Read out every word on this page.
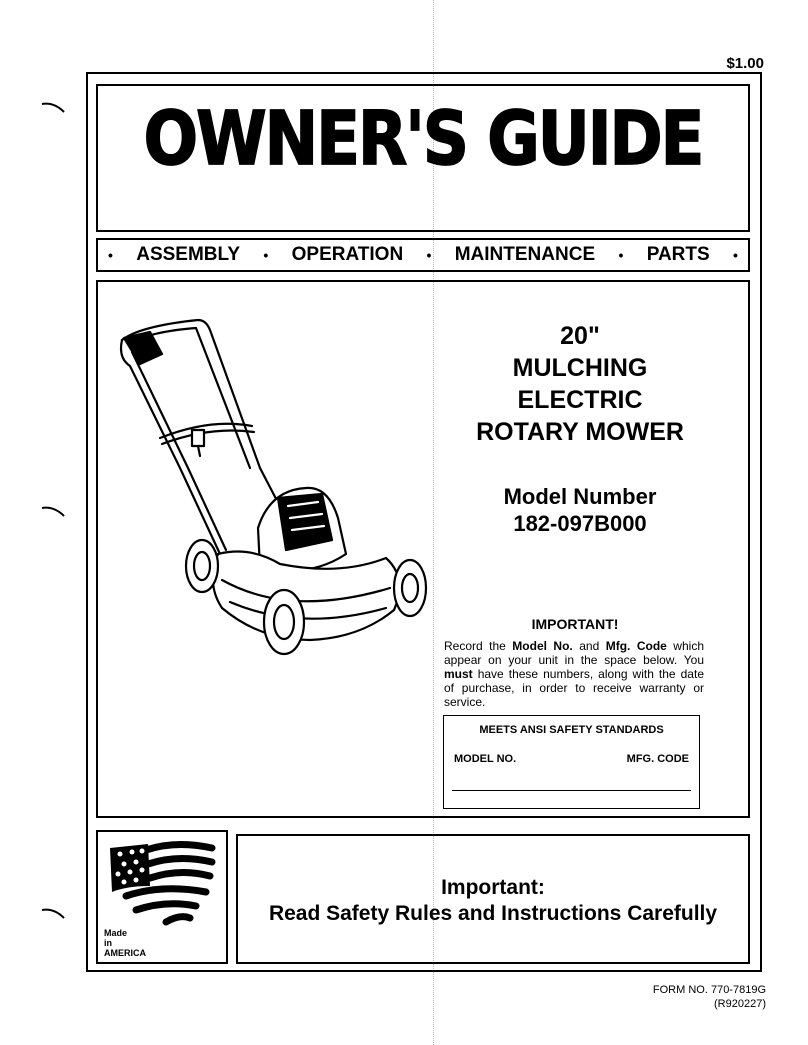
$1.00
OWNER'S GUIDE
• ASSEMBLY • OPERATION • MAINTENANCE • PARTS •
20"
MULCHING
ELECTRIC
ROTARY MOWER
Model Number
182-097B000
IMPORTANT!
Record the Model No. and Mfg. Code which appear on your unit in the space below. You must have these numbers, along with the date of purchase, in order to receive warranty or service.
MEETS ANSI SAFETY STANDARDS
MODEL NO.	MFG. CODE
Made
in
AMERICA
Important:
Read Safety Rules and Instructions Carefully
FORM NO. 770-7819G
(R920227)
